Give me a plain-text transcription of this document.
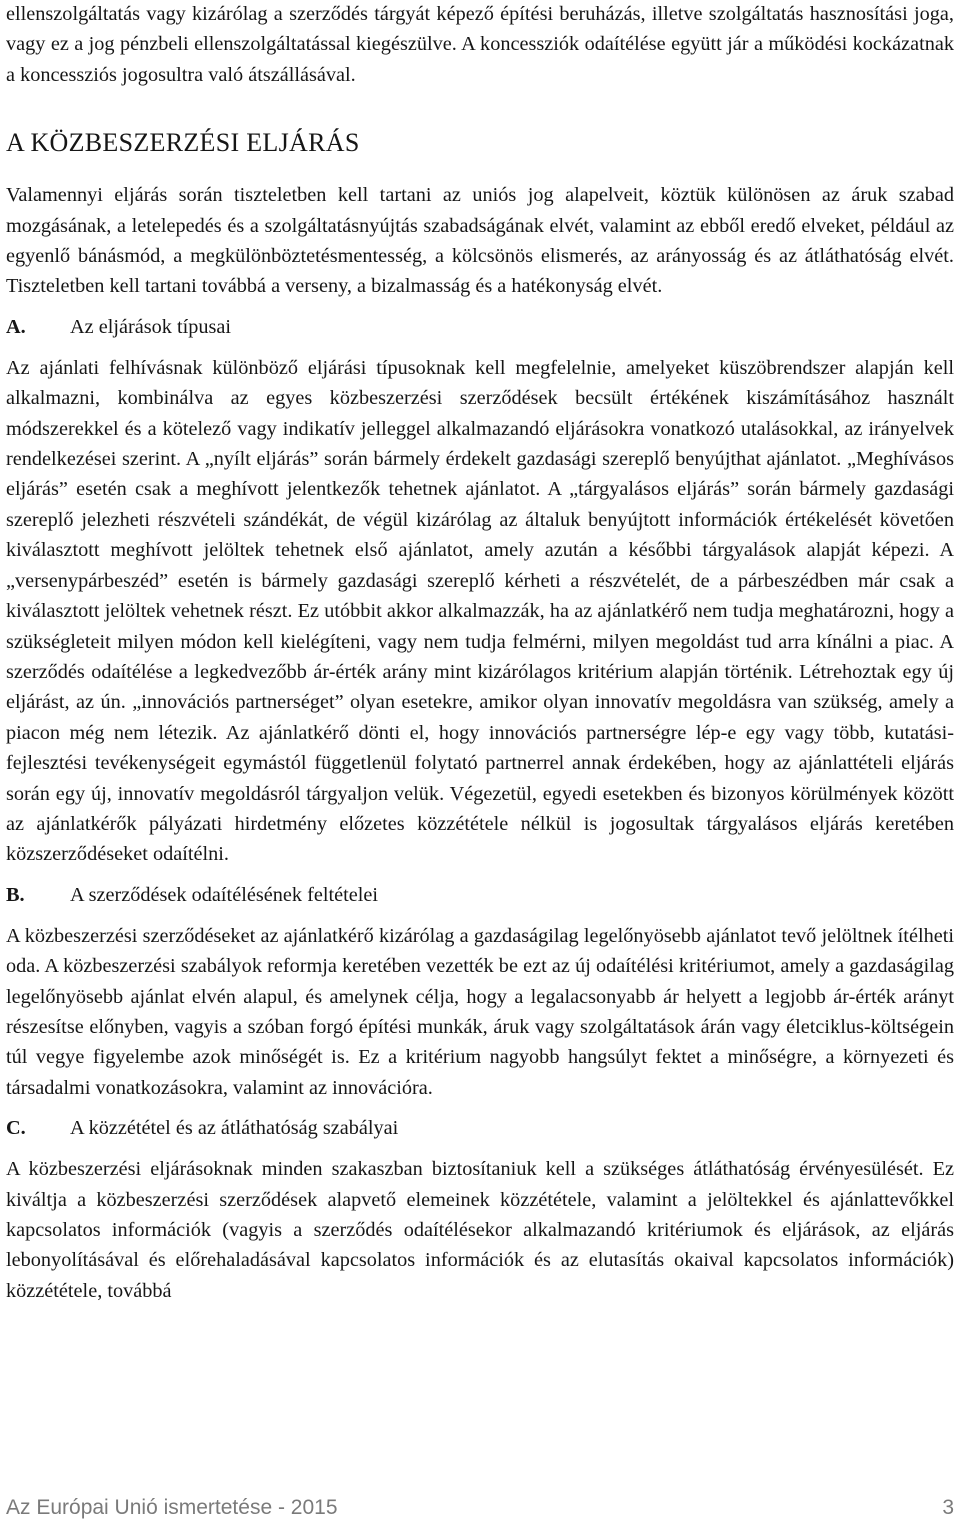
ellenszolgáltatás vagy kizárólag a szerződés tárgyát képező építési beruházás, illetve szolgáltatás hasznosítási joga, vagy ez a jog pénzbeli ellenszolgáltatással kiegészülve. A koncessziók odaítélése együtt jár a működési kockázatnak a koncessziós jogosultra való átszállásával.

A KÖZBESZERZÉSI ELJÁRÁS

Valamennyi eljárás során tiszteletben kell tartani az uniós jog alapelveit, köztük különösen az áruk szabad mozgásának, a letelepedés és a szolgáltatásnyújtás szabadságának elvét, valamint az ebből eredő elveket, például az egyenlő bánásmód, a megkülönböztetésmentesség, a kölcsönös elismerés, az arányosság és az átláthatóság elvét. Tiszteletben kell tartani továbbá a verseny, a bizalmasság és a hatékonyság elvét.

A.	Az eljárások típusai

Az ajánlati felhívásnak különböző eljárási típusoknak kell megfelelnie, amelyeket küszöbrendszer alapján kell alkalmazni, kombinálva az egyes közbeszerzési szerződések becsült értékének kiszámításához használt módszerekkel és a kötelező vagy indikatív jelleggel alkalmazandó eljárásokra vonatkozó utalásokkal, az irányelvek rendelkezései szerint. A „nyílt eljárás” során bármely érdekelt gazdasági szereplő benyújthat ajánlatot. „Meghívásos eljárás” esetén csak a meghívott jelentkezők tehetnek ajánlatot. A „tárgyalásos eljárás” során bármely gazdasági szereplő jelezheti részvételi szándékát, de végül kizárólag az általuk benyújtott információk értékelését követően kiválasztott meghívott jelöltek tehetnek első ajánlatot, amely azután a későbbi tárgyalások alapját képezi. A „versenypárbeszéd” esetén is bármely gazdasági szereplő kérheti a részvételét, de a párbeszédben már csak a kiválasztott jelöltek vehetnek részt. Ez utóbbit akkor alkalmazzák, ha az ajánlatkérő nem tudja meghatározni, hogy a szükségleteit milyen módon kell kielégíteni, vagy nem tudja felmérni, milyen megoldást tud arra kínálni a piac. A szerződés odaítélése a legkedvezőbb ár-érték arány mint kizárólagos kritérium alapján történik. Létrehoztak egy új eljárást, az ún. „innovációs partnerséget” olyan esetekre, amikor olyan innovatív megoldásra van szükség, amely a piacon még nem létezik. Az ajánlatkérő dönti el, hogy innovációs partnerségre lép-e egy vagy több, kutatási-fejlesztési tevékenységeit egymástól függetlenül folytató partnerrel annak érdekében, hogy az ajánlattételi eljárás során egy új, innovatív megoldásról tárgyaljon velük. Végezetül, egyedi esetekben és bizonyos körülmények között az ajánlatkérők pályázati hirdetmény előzetes közzététele nélkül is jogosultak tárgyalásos eljárás keretében közszerződéseket odaítélni.

B.	A szerződések odaítélésének feltételei

A közbeszerzési szerződéseket az ajánlatkérő kizárólag a gazdaságilag legelőnyösebb ajánlatot tevő jelöltnek ítélheti oda. A közbeszerzési szabályok reformja keretében vezették be ezt az új odaítélési kritériumot, amely a gazdaságilag legelőnyösebb ajánlat elvén alapul, és amelynek célja, hogy a legalacsonyabb ár helyett a legjobb ár-érték arányt részesítse előnyben, vagyis a szóban forgó építési munkák, áruk vagy szolgáltatások árán vagy életciklus-költségein túl vegye figyelembe azok minőségét is. Ez a kritérium nagyobb hangsúlyt fektet a minőségre, a környezeti és társadalmi vonatkozásokra, valamint az innovációra.

C.	A közzététel és az átláthatóság szabályai

A közbeszerzési eljárásoknak minden szakaszban biztosítaniuk kell a szükséges átláthatóság érvényesülését. Ez kiváltja a közbeszerzési szerződések alapvető elemeinek közzététele, valamint a jelöltekkel és ajánlattevőkkel kapcsolatos információk (vagyis a szerződés odaítélésekor alkalmazandó kritériumok és eljárások, az eljárás lebonyolításával és előrehaladásával kapcsolatos információk és az elutasítás okaival kapcsolatos információk) közzététele, továbbá

Az Európai Unió ismertetése - 2015	3
